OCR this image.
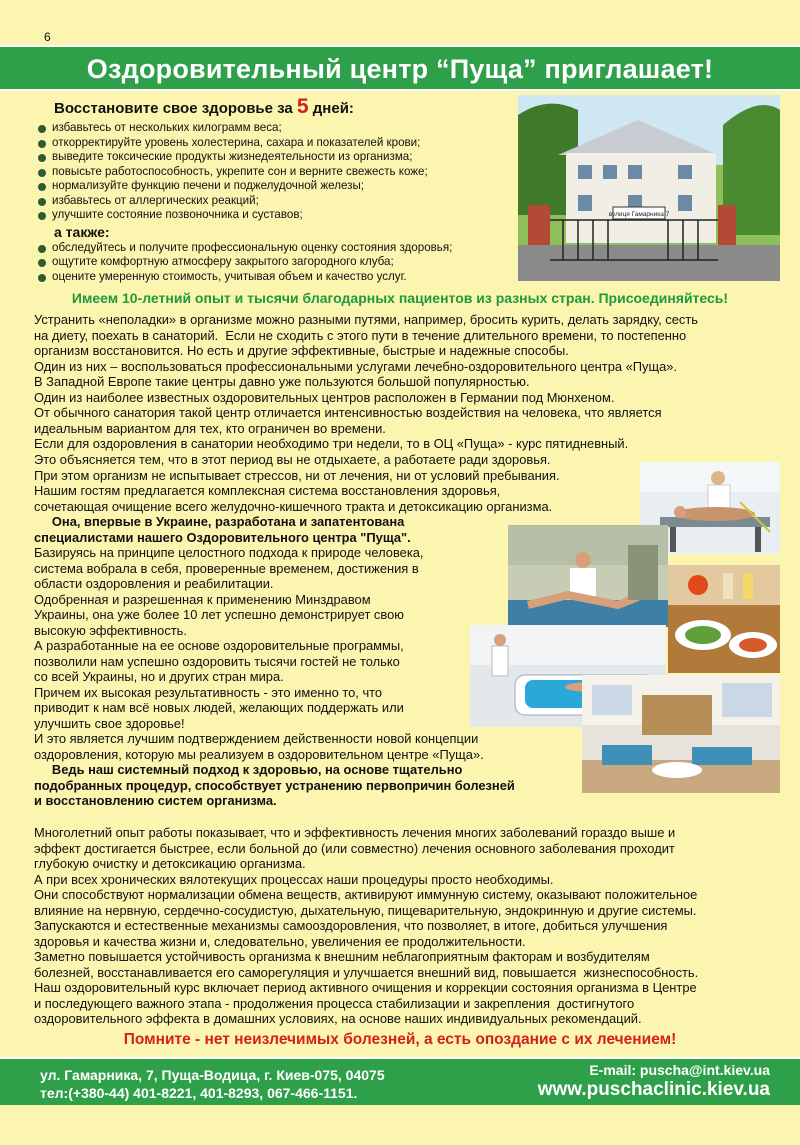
6
Оздоровительный центр “Пуща” приглашает!
Восстановите свое здоровье за 5 дней:
избавьтесь от нескольких килограмм веса;
откорректируйте уровень холестерина, сахара и показателей крови;
выведите токсические продукты жизнедеятельности из организма;
повысьте работоспособность, укрепите сон и верните свежесть коже;
нормализуйте функцию печени и поджелудочной железы;
избавьтесь от аллергических реакций;
улучшите состояние позвоночника и суставов;
а также:
обследуйтесь и получите профессиональную оценку состояния здоровья;
ощутите комфортную атмосферу закрытого загородного клуба;
оцените умеренную стоимость, учитывая объем и качество услуг.
вулиця Гамарника 7
Имеем 10-летний опыт и тысячи благодарных пациентов из разных стран. Присоединяйтесь!

Устранить «неполадки» в организме можно разными путями, например, бросить курить, делать зарядку, сесть

на диету, поехать в санаторий.  Если не сходить с этого пути в течение длительного времени, то постепенно

организм восстановится. Но есть и другие эффективные, быстрые и надежные способы.

Один из них – воспользоваться профессиональными услугами лечебно-оздоровительного центра «Пуща».

В Западной Европе такие центры давно уже пользуются большой популярностью.

Один из наиболее известных оздоровительных центров расположен в Германии под Мюнхеном.

От обычного санатория такой центр отличается интенсивностью воздействия на человека, что является

идеальным вариантом для тех, кто ограничен во времени.

Если для оздоровления в санатории необходимо три недели, то в ОЦ «Пуща» - курс пятидневный.

Это объясняется тем, что в этот период вы не отдыхаете, а работаете ради здоровья.

При этом организм не испытывает стрессов, ни от лечения, ни от условий пребывания.

Нашим гостям предлагается комплексная система восстановления здоровья,

сочетающая очищение всего желудочно-кишечного тракта и детоксикацию организма.

Она, впервые в Украине, разработана и запатентована

специалистами нашего Оздоровительного центра "Пуща".

Базируясь на принципе целостного подхода к природе человека,

система вобрала в себя, проверенные временем, достижения в

области оздоровления и реабилитации.

Одобренная и разрешенная к применению Минздравом

Украины, она уже более 10 лет успешно демонстрирует свою

высокую эффективность.

А разработанные на ее основе оздоровительные программы,

позволили нам успешно оздоровить тысячи гостей не только

со всей Украины, но и других стран мира.

Причем их высокая результативность - это именно то, что

приводит к нам всё новых людей, желающих поддержать или

улучшить свое здоровье!

И это является лучшим подтверждением действенности новой концепции

оздоровления, которую мы реализуем в оздоровительном центре «Пуща».

Ведь наш системный подход к здоровью, на основе тщательно

подобранных процедур, способствует устранению первопричин болезней

и восстановлению систем организма.

Многолетний опыт работы показывает, что и эффективность лечения многих заболеваний гораздо выше и

эффект достигается быстрее, если больной до (или совместно) лечения основного заболевания проходит

глубокую очистку и детоксикацию организма.

А при всех хронических вялотекущих процессах наши процедуры просто необходимы.

Они способствуют нормализации обмена веществ, активируют иммунную систему, оказывают положительное

влияние на нервную, сердечно-сосудистую, дыхательную, пищеварительную, эндокринную и другие системы.

Запускаются и естественные механизмы самооздоровления, что позволяет, в итоге, добиться улучшения

здоровья и качества жизни и, следовательно, увеличения ее продолжительности.

Заметно повышается устойчивость организма к внешним неблагоприятным факторам и возбудителям

болезней, восстанавливается его саморегуляция и улучшается внешний вид, повышается  жизнеспособность.

Наш оздоровительный курс включает период активного очищения и коррекции состояния организма в Центре

и последующего важного этапа - продолжения процесса стабилизации и закрепления  достигнутого

оздоровительного эффекта в домашних условиях, на основе наших индивидуальных рекомендаций.

Помните - нет неизлечимых болезней, а есть опоздание с их лечением!
ул. Гамарника, 7, Пуща-Водица, г. Киев-075, 04075
тел:(+380-44) 401-8221, 401-8293, 067-466-1151.
E-mail: puscha@int.kiev.ua
www.puschaclinic.kiev.ua
